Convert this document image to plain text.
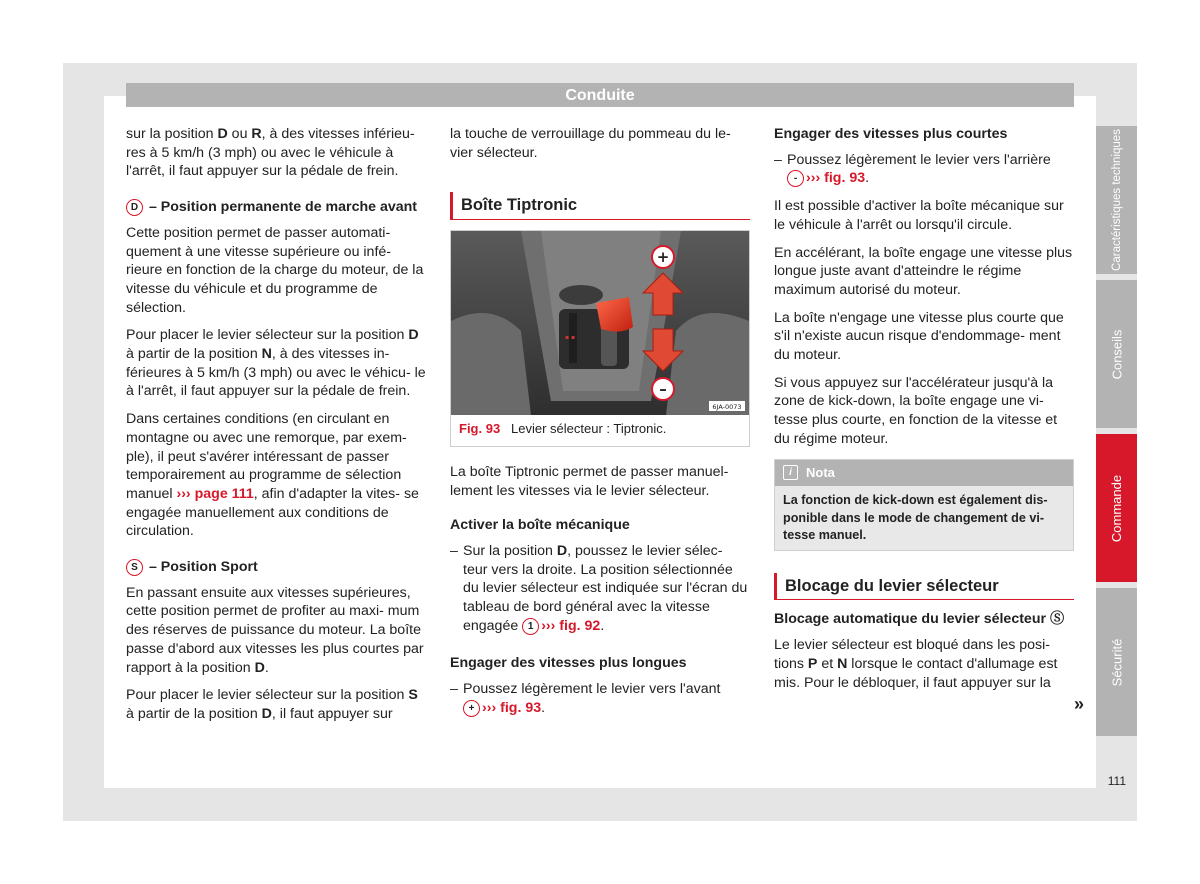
Conduite

sur la position D ou R, à des vitesses inférieu-
res à 5 km/h (3 mph) ou avec le véhicule à
l'arrêt, il faut appuyer sur la pédale de frein.

D – Position permanente de marche avant

Cette position permet de passer automati- quement à une vitesse supérieure ou infé- rieure en fonction de la charge du moteur, de la vitesse du véhicule et du programme de sélection.

Pour placer le levier sélecteur sur la position D à partir de la position N, à des vitesses in- férieures à 5 km/h (3 mph) ou avec le véhicu- le à l'arrêt, il faut appuyer sur la pédale de frein.

Dans certaines conditions (en circulant en montagne ou avec une remorque, par exem- ple), il peut s'avérer intéressant de passer temporairement au programme de sélection manuel ››› page 111, afin d'adapter la vites- se engagée manuellement aux conditions de circulation.

S – Position Sport

En passant ensuite aux vitesses supérieures, cette position permet de profiter au maxi- mum des réserves de puissance du moteur. La boîte passe d'abord aux vitesses les plus courtes par rapport à la position D.

Pour placer le levier sélecteur sur la position S à partir de la position D, il faut appuyer sur

la touche de verrouillage du pommeau du le- vier sélecteur.

Boîte Tiptronic
▪ ▪
+
–
6JA-0073
Fig. 93 Levier sélecteur : Tiptronic.

La boîte Tiptronic permet de passer manuel- lement les vitesses via le levier sélecteur.

Activer la boîte mécanique

– Sur la position D, poussez le levier sélec- teur vers la droite. La position sélectionnée du levier sélecteur est indiquée sur l'écran du tableau de bord général avec la vitesse engagée 1 ››› fig. 92.

Engager des vitesses plus longues

– Poussez légèrement le levier vers l'avant
+ ››› fig. 93.

Engager des vitesses plus courtes

– Poussez légèrement le levier vers l'arrière
- ››› fig. 93.

Il est possible d'activer la boîte mécanique sur le véhicule à l'arrêt ou lorsqu'il circule.

En accélérant, la boîte engage une vitesse plus longue juste avant d'atteindre le régime maximum autorisé du moteur.

La boîte n'engage une vitesse plus courte que s'il n'existe aucun risque d'endommage- ment du moteur.

Si vous appuyez sur l'accélérateur jusqu'à la zone de kick-down, la boîte engage une vi- tesse plus courte, en fonction de la vitesse et du régime moteur.

i	Nota
La fonction de kick-down est également dis- ponible dans le mode de changement de vi- tesse manuel.
Blocage du levier sélecteur

Blocage automatique du levier sélecteur Ⓢ

Le levier sélecteur est bloqué dans les posi- tions P et N lorsque le contact d'allumage est mis. Pour le débloquer, il faut appuyer sur la

»
Caractéristiques techniques
Conseils
Commande
Sécurité
111
